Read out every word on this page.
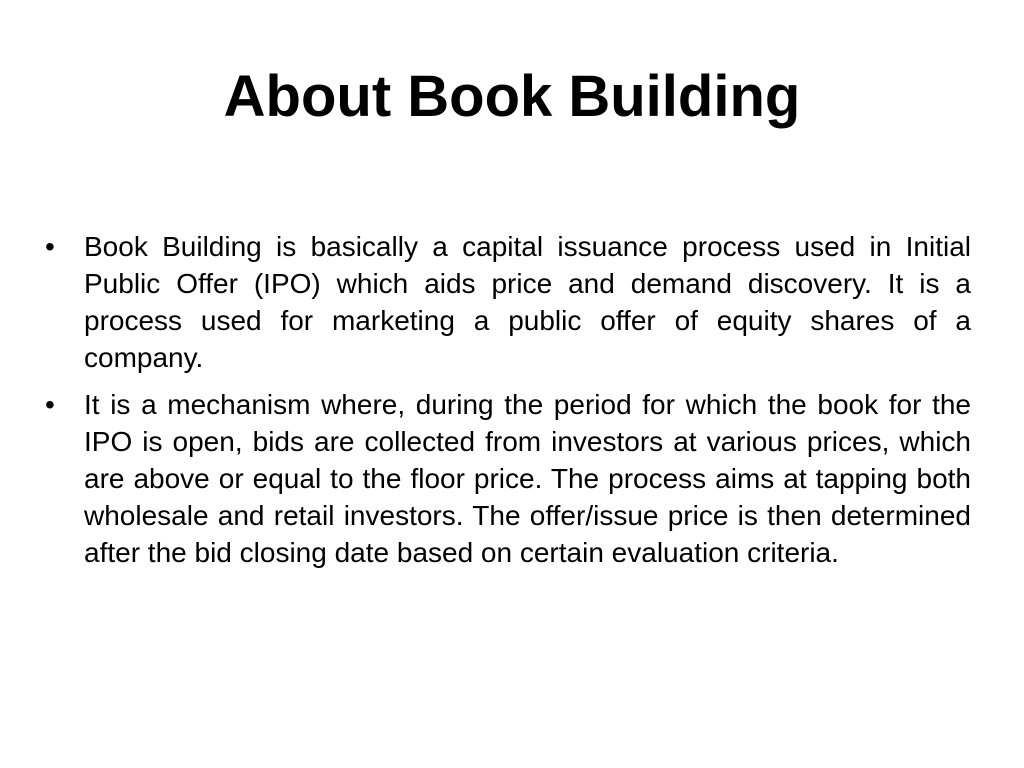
About Book Building
•	Book Building is basically a capital issuance process used in Initial Public Offer (IPO) which aids price and demand discovery. It is a process used for marketing a public offer of equity shares of a company.
•	It is a mechanism where, during the period for which the book for the IPO is open, bids are collected from investors at various prices, which are above or equal to the floor price. The process aims at tapping both wholesale and retail investors. The offer/issue price is then determined after the bid closing date based on certain evaluation criteria.
